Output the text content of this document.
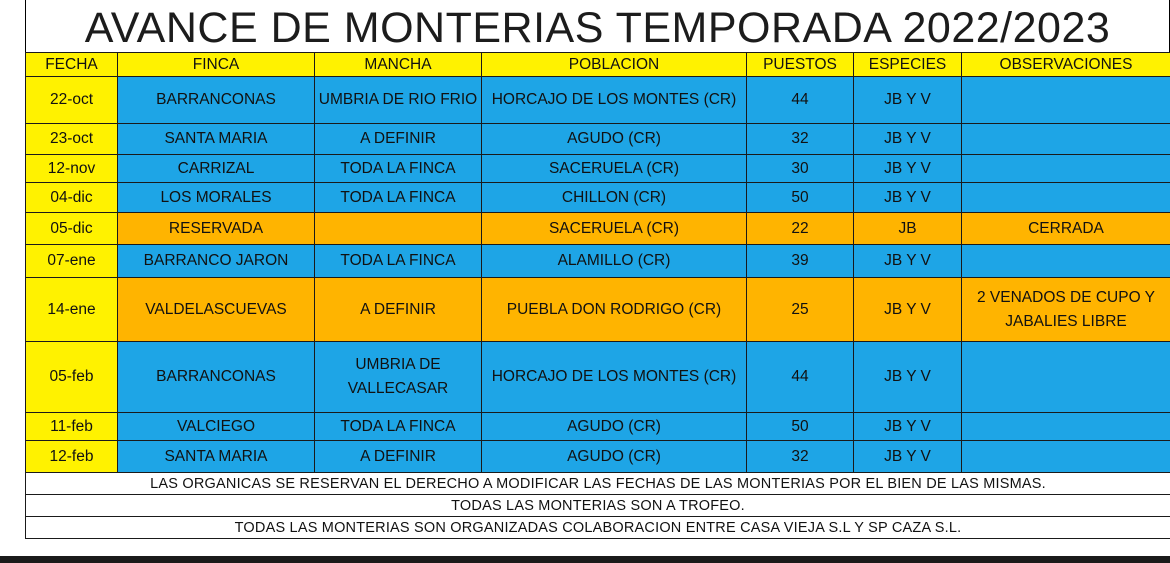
AVANCE DE MONTERIAS TEMPORADA 2022/2023
FECHA	FINCA	MANCHA	POBLACION	PUESTOS	ESPECIES	OBSERVACIONES
22-oct	BARRANCONAS	UMBRIA DE RIO FRIO	HORCAJO DE LOS MONTES (CR)	44	JB Y V	
23-oct	SANTA MARIA	A DEFINIR	AGUDO (CR)	32	JB Y V	
12-nov	CARRIZAL	TODA LA FINCA	SACERUELA (CR)	30	JB Y V	
04-dic	LOS MORALES	TODA LA FINCA	CHILLON (CR)	50	JB Y V	
05-dic	RESERVADA		SACERUELA (CR)	22	JB	CERRADA
07-ene	BARRANCO JARON	TODA LA FINCA	ALAMILLO (CR)	39	JB Y V	
14-ene	VALDELASCUEVAS	A DEFINIR	PUEBLA DON RODRIGO (CR)	25	JB Y V	2 VENADOS DE CUPO Y JABALIES LIBRE
05-feb	BARRANCONAS	UMBRIA DE VALLECASAR	HORCAJO DE LOS MONTES (CR)	44	JB Y V	
11-feb	VALCIEGO	TODA LA FINCA	AGUDO (CR)	50	JB Y V	
12-feb	SANTA MARIA	A DEFINIR	AGUDO (CR)	32	JB Y V	
LAS ORGANICAS SE RESERVAN EL DERECHO A MODIFICAR LAS FECHAS DE LAS MONTERIAS POR EL BIEN DE LAS MISMAS.						
TODAS LAS MONTERIAS SON A TROFEO.						
TODAS LAS MONTERIAS SON ORGANIZADAS COLABORACION ENTRE CASA VIEJA S.L Y SP CAZA S.L.						
